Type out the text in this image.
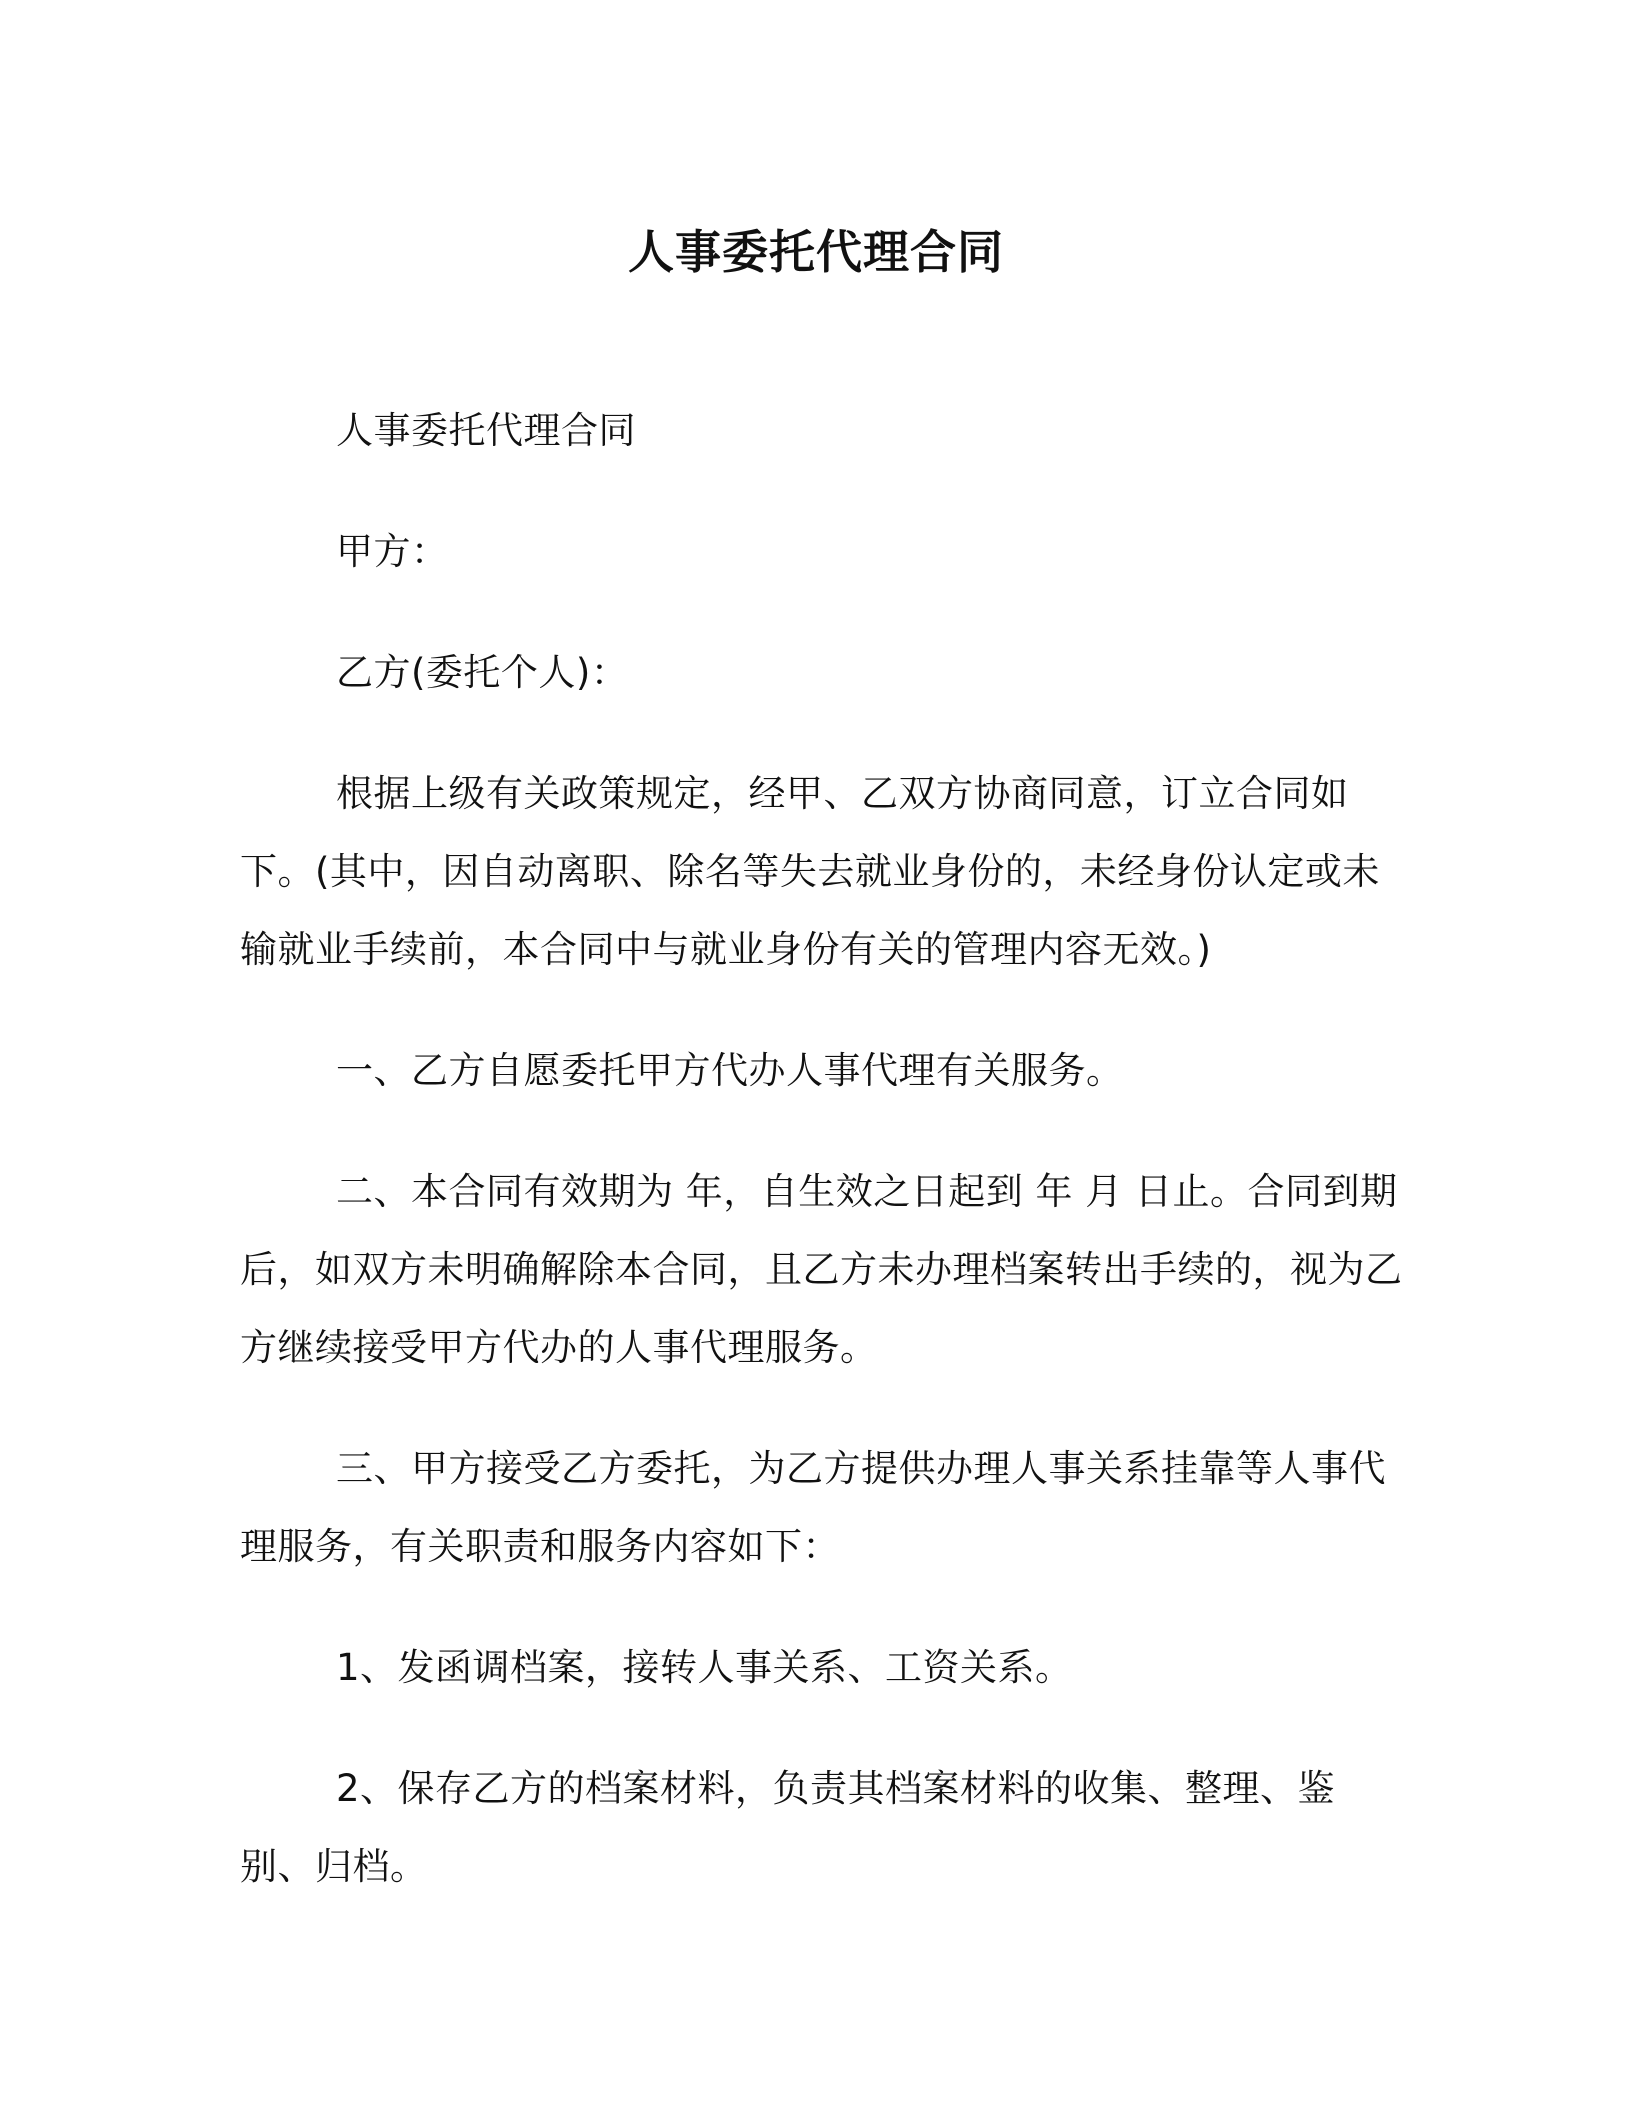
人事委托代理合同

人事委托代理合同

甲方：

乙方(委托个人)：

根据上级有关政策规定，经甲、乙双方协商同意，订立合同如下。(其中，因自动离职、除名等失去就业身份的，未经身份认定或未输就业手续前，本合同中与就业身份有关的管理内容无效。)

一、乙方自愿委托甲方代办人事代理有关服务。

二、本合同有效期为 年，自生效之日起到 年 月 日止。合同到期后，如双方未明确解除本合同，且乙方未办理档案转出手续的，视为乙方继续接受甲方代办的人事代理服务。

三、甲方接受乙方委托，为乙方提供办理人事关系挂靠等人事代理服务，有关职责和服务内容如下：

1、发函调档案，接转人事关系、工资关系。

2、保存乙方的档案材料，负责其档案材料的收集、整理、鉴别、归档。
